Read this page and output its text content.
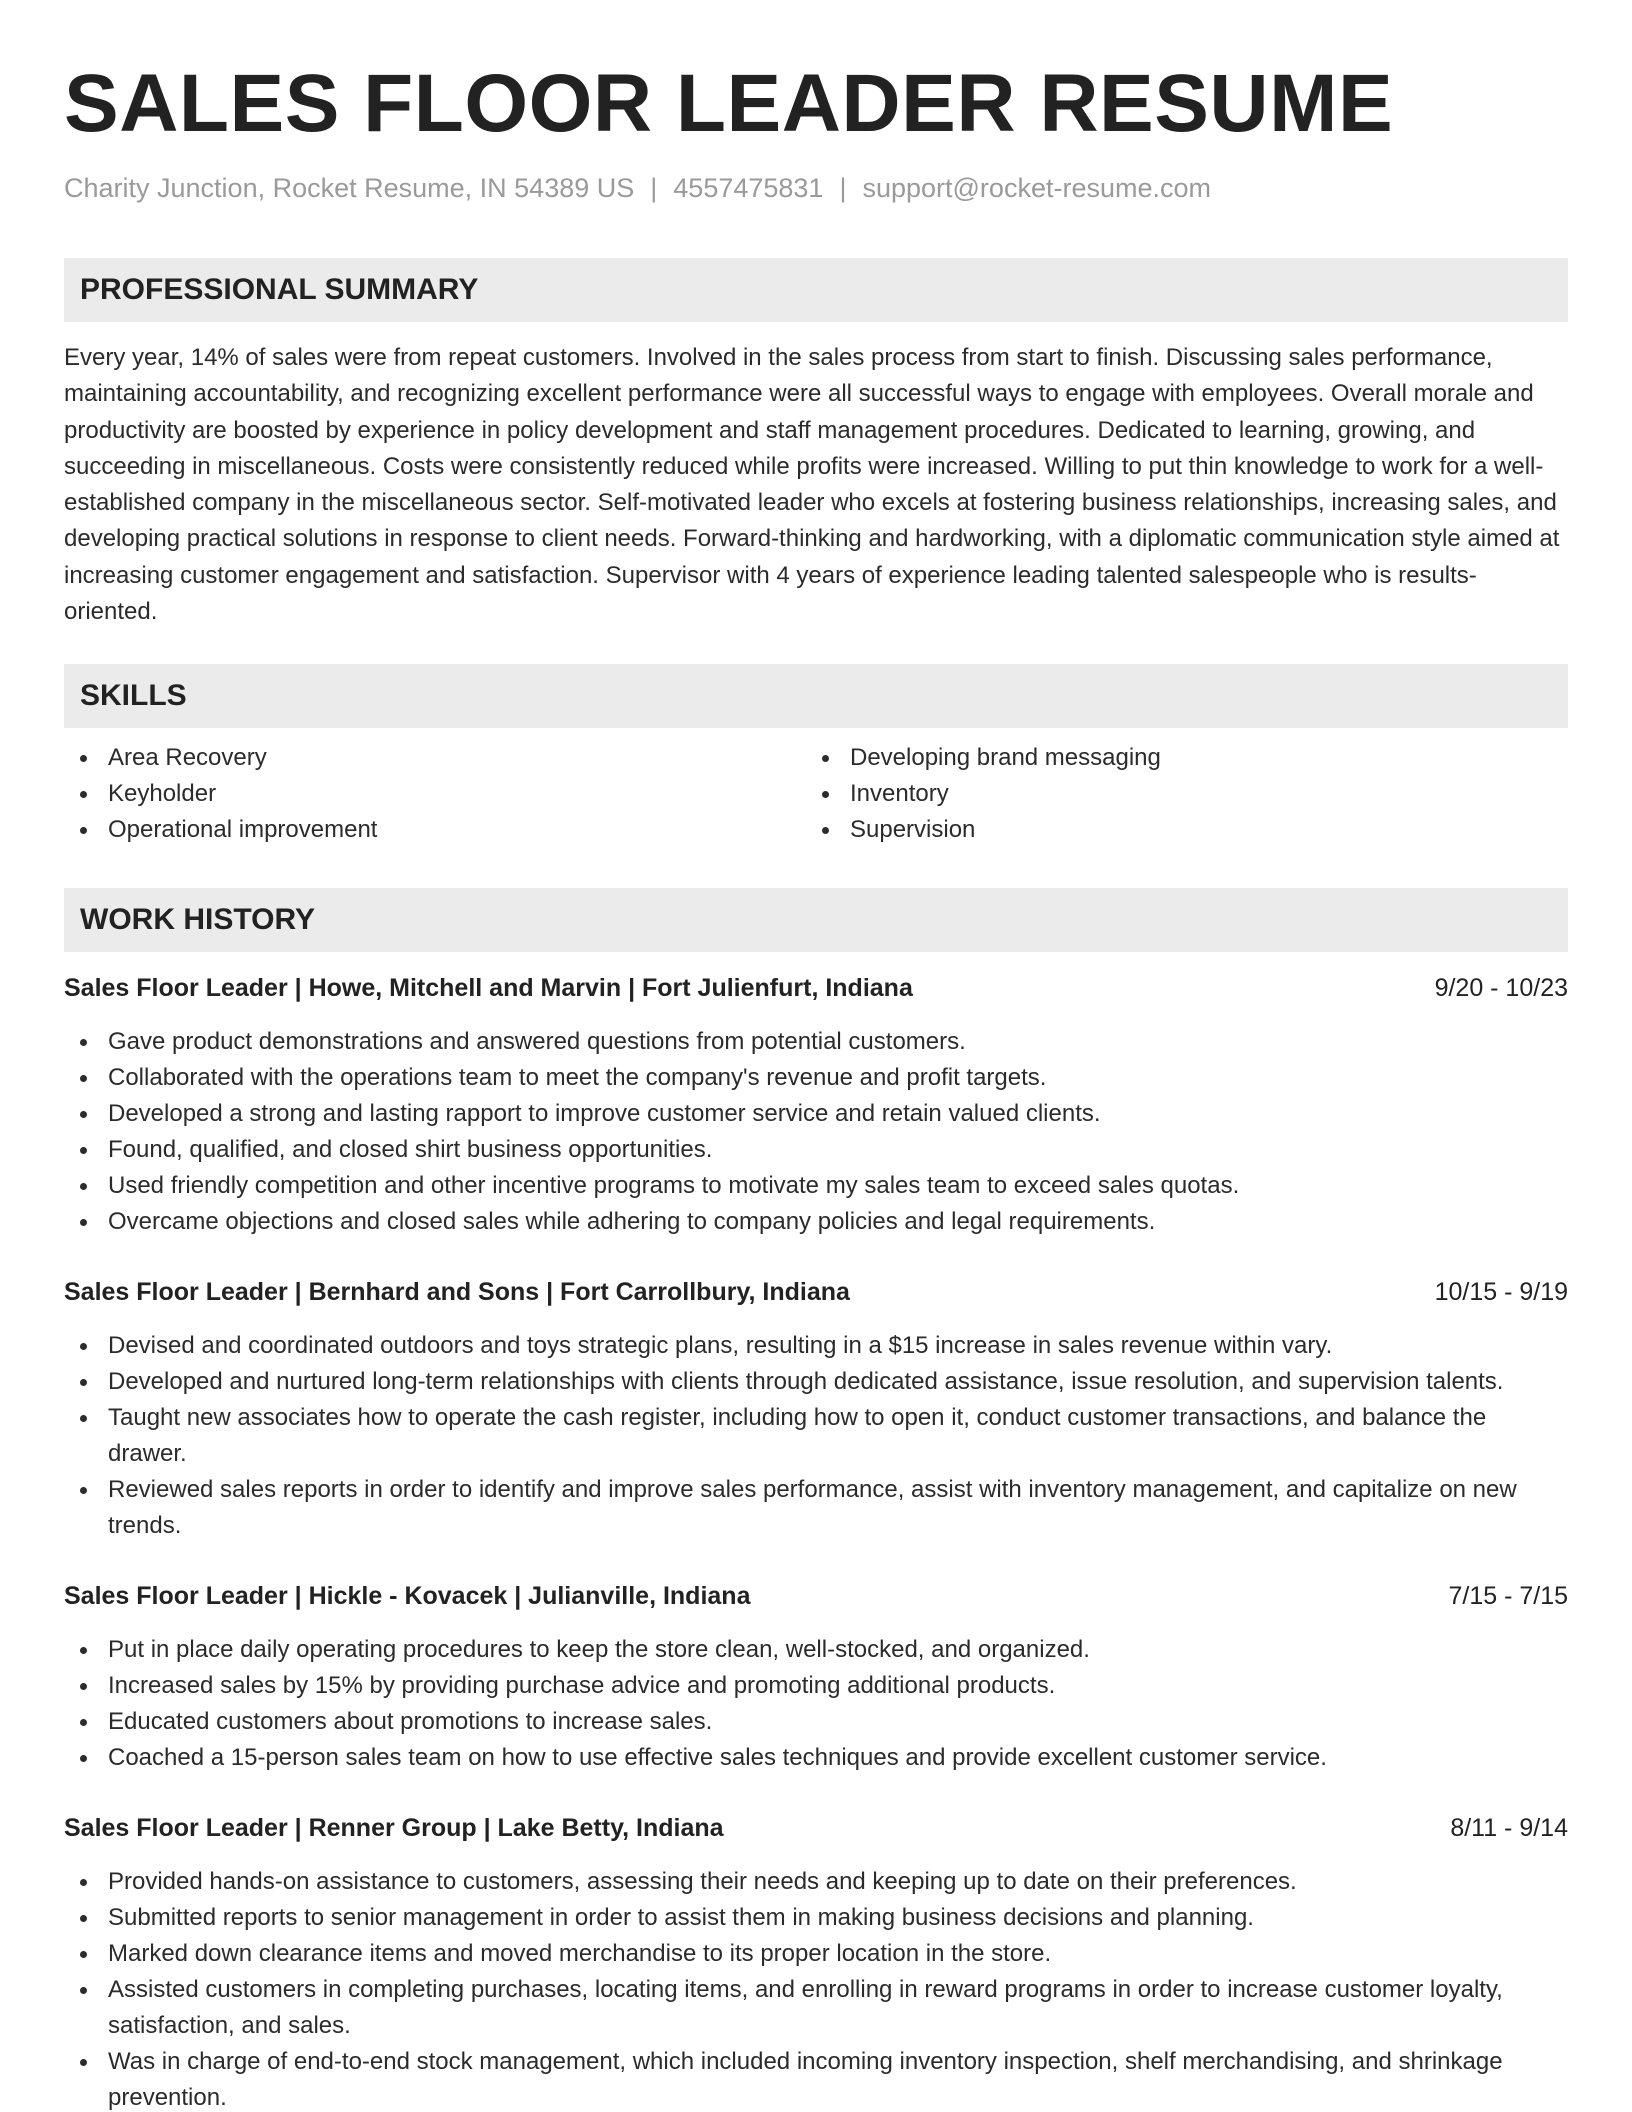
SALES FLOOR LEADER RESUME
Charity Junction, Rocket Resume, IN 54389 US | 4557475831 | support@rocket-resume.com
PROFESSIONAL SUMMARY

Every year, 14% of sales were from repeat customers. Involved in the sales process from start to finish. Discussing sales performance, maintaining accountability, and recognizing excellent performance were all successful ways to engage with employees. Overall morale and productivity are boosted by experience in policy development and staff management procedures. Dedicated to learning, growing, and succeeding in miscellaneous. Costs were consistently reduced while profits were increased. Willing to put thin knowledge to work for a well-established company in the miscellaneous sector. Self-motivated leader who excels at fostering business relationships, increasing sales, and developing practical solutions in response to client needs. Forward-thinking and hardworking, with a diplomatic communication style aimed at increasing customer engagement and satisfaction. Supervisor with 4 years of experience leading talented salespeople who is results-oriented.

SKILLS
Area Recovery
Keyholder
Operational improvement
Developing brand messaging
Inventory
Supervision
WORK HISTORY
Sales Floor Leader | Howe, Mitchell and Marvin | Fort Julienfurt, Indiana	9/20 - 10/23
Gave product demonstrations and answered questions from potential customers.
Collaborated with the operations team to meet the company's revenue and profit targets.
Developed a strong and lasting rapport to improve customer service and retain valued clients.
Found, qualified, and closed shirt business opportunities.
Used friendly competition and other incentive programs to motivate my sales team to exceed sales quotas.
Overcame objections and closed sales while adhering to company policies and legal requirements.
Sales Floor Leader | Bernhard and Sons | Fort Carrollbury, Indiana	10/15 - 9/19
Devised and coordinated outdoors and toys strategic plans, resulting in a $15 increase in sales revenue within vary.
Developed and nurtured long-term relationships with clients through dedicated assistance, issue resolution, and supervision talents.
Taught new associates how to operate the cash register, including how to open it, conduct customer transactions, and balance the drawer.
Reviewed sales reports in order to identify and improve sales performance, assist with inventory management, and capitalize on new trends.
Sales Floor Leader | Hickle - Kovacek | Julianville, Indiana	7/15 - 7/15
Put in place daily operating procedures to keep the store clean, well-stocked, and organized.
Increased sales by 15% by providing purchase advice and promoting additional products.
Educated customers about promotions to increase sales.
Coached a 15-person sales team on how to use effective sales techniques and provide excellent customer service.
Sales Floor Leader | Renner Group | Lake Betty, Indiana	8/11 - 9/14
Provided hands-on assistance to customers, assessing their needs and keeping up to date on their preferences.
Submitted reports to senior management in order to assist them in making business decisions and planning.
Marked down clearance items and moved merchandise to its proper location in the store.
Assisted customers in completing purchases, locating items, and enrolling in reward programs in order to increase customer loyalty, satisfaction, and sales.
Was in charge of end-to-end stock management, which included incoming inventory inspection, shelf merchandising, and shrinkage prevention.
